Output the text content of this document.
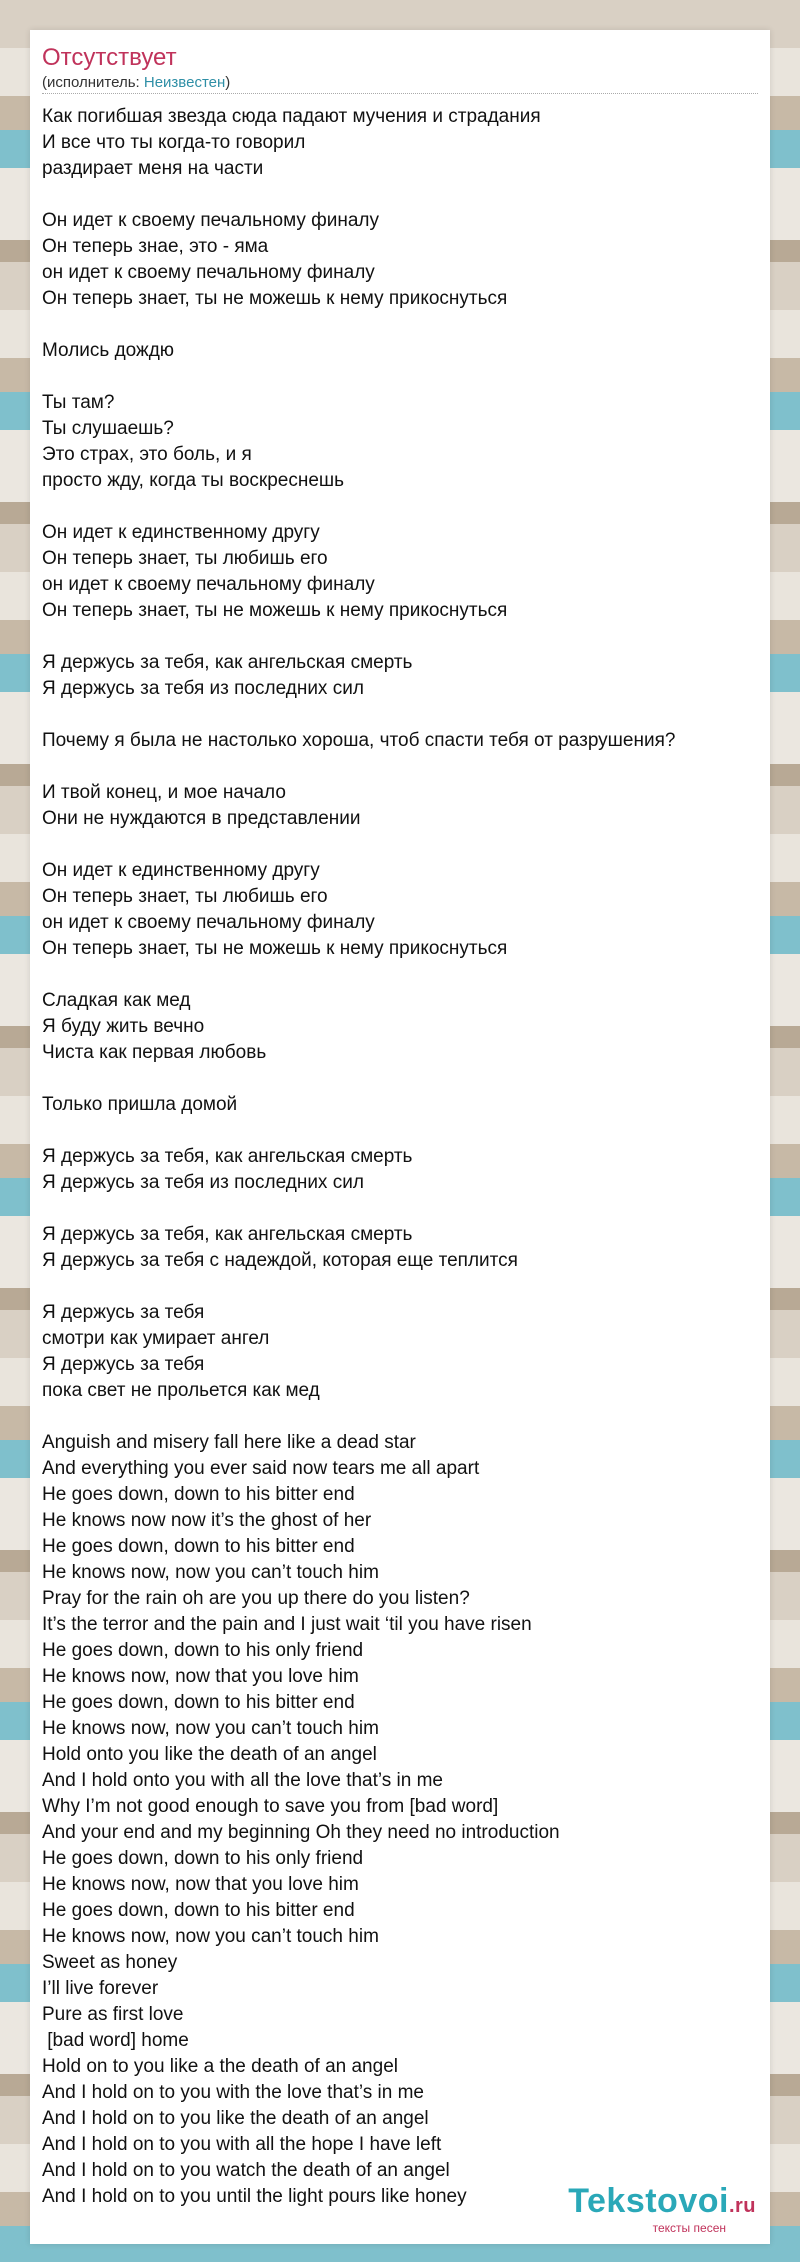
Отсутствует
(исполнитель: Неизвестен)
Как погибшая звезда сюда падают мучения и страдания
И все что ты когда-то говорил
раздирает меня на части
Он идет к своему печальному финалу
Он теперь знае, это - яма
он идет к своему печальному финалу
Он теперь знает, ты не можешь к нему прикоснуться
Молись дождю
Ты там?
Ты слушаешь?
Это страх, это боль, и я
просто жду, когда ты воскреснешь
Он идет к единственному другу
Он теперь знает, ты любишь его
он идет к своему печальному финалу
Он теперь знает, ты не можешь к нему прикоснуться
Я держусь за тебя, как ангельская смерть
Я держусь за тебя из последних сил
Почему я была не настолько хороша, чтоб спасти тебя от разрушения?
И твой конец, и мое начало
Они не нуждаются в представлении
Он идет к единственному другу
Он теперь знает, ты любишь его
он идет к своему печальному финалу
Он теперь знает, ты не можешь к нему прикоснуться
Сладкая как мед
Я буду жить вечно
Чиста как первая любовь
Только пришла домой
Я держусь за тебя, как ангельская смерть
Я держусь за тебя из последних сил
Я держусь за тебя, как ангельская смерть
Я держусь за тебя с надеждой, которая еще теплится
Я держусь за тебя
смотри как умирает ангел
Я держусь за тебя
пока свет не прольется как мед
Anguish and misery fall here like a dead star
And everything you ever said now tears me all apart
He goes down, down to his bitter end
He knows now now it’s the ghost of her
He goes down, down to his bitter end
He knows now, now you can’t touch him
Pray for the rain oh are you up there do you listen?
It’s the terror and the pain and I just wait ‘til you have risen
He goes down, down to his only friend
He knows now, now that you love him
He goes down, down to his bitter end
He knows now, now you can’t touch him
Hold onto you like the death of an angel
And I hold onto you with all the love that’s in me
Why I’m not good enough to save you from [bad word]
And your end and my beginning Oh they need no introduction
He goes down, down to his only friend
He knows now, now that you love him
He goes down, down to his bitter end
He knows now, now you can’t touch him
Sweet as honey
I’ll live forever
Pure as first love
[bad word] home
Hold on to you like a the death of an angel
And I hold on to you with the love that’s in me
And I hold on to you like the death of an angel
And I hold on to you with all the hope I have left
And I hold on to you watch the death of an angel
And I hold on to you until the light pours like honey	Tekstovoi.ru
тексты песен
